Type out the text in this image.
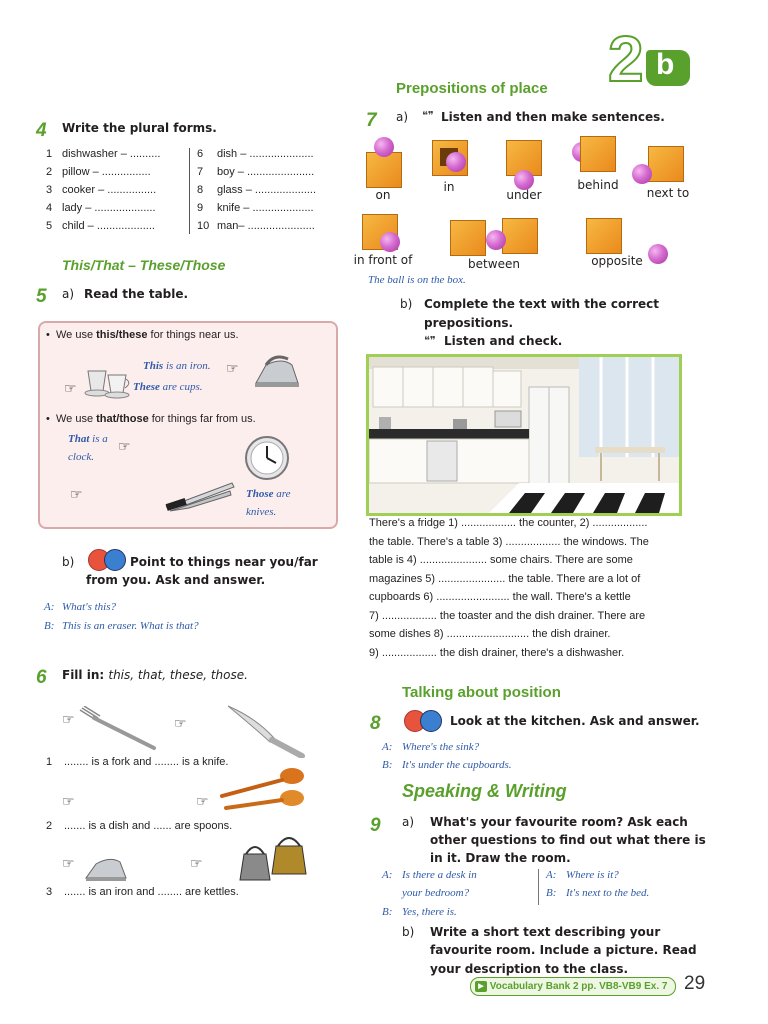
2 b
4 Write the plural forms.
1 dishwasher – ..........
2 pillow – ................
3 cooker – ................
4 lady – ....................
5 child – ...................
6 dish – .....................
7 boy – ......................
8 glass – ....................
9 knife – ....................
10 man– ......................
This/That – These/Those
5 a) Read the table.
•  We use this/these for things near us.
☞
This is an iron.
These are cups.
☞
•  We use that/those for things far from us.
That is a
clock.
☞
☞	Those are
knives.
b)	Point to things near you/far
from you. Ask and answer.
A: What's this?
B: This is an eraser. What is that?
6 Fill in: this, that, these, those.
☞	☞
1 ........ is a fork and ........ is a knife.
☞	☞
2 ....... is a dish and ...... are spoons.
☞	☞
3 ....... is an iron and ........ are kettles.
Prepositions of place
7 a) ❝❞ Listen and then make sentences.
on
in
under
behind
next to
in front of	between	opposite
The ball is on the box.
b) Complete the text with the correct
prepositions.
❝❞ Listen and check.
There's a fridge 1) .................. the counter, 2) ..................
the table. There's a table 3) .................. the windows. The
table is 4) ...................... some chairs. There are some
magazines 5) ...................... the table. There are a lot of
cupboards 6) ........................ the wall. There's a kettle
7) .................. the toaster and the dish drainer. There are
some dishes 8) ........................... the dish drainer.
9) .................. the dish drainer, there's a dishwasher.
Talking about position
8	Look at the kitchen. Ask and answer.
A: Where's the sink?
B: It's under the cupboards.
Speaking & Writing
9 a) What's your favourite room? Ask each
other questions to find out what there is
in it. Draw the room.
A: Is there a desk in
your bedroom?
B: Yes, there is.
A: Where is it?
B: It's next to the bed.
b) Write a short text describing your
favourite room. Include a picture. Read
your description to the class.
▶ Vocabulary Bank 2 pp. VB8-VB9 Ex. 7 29
